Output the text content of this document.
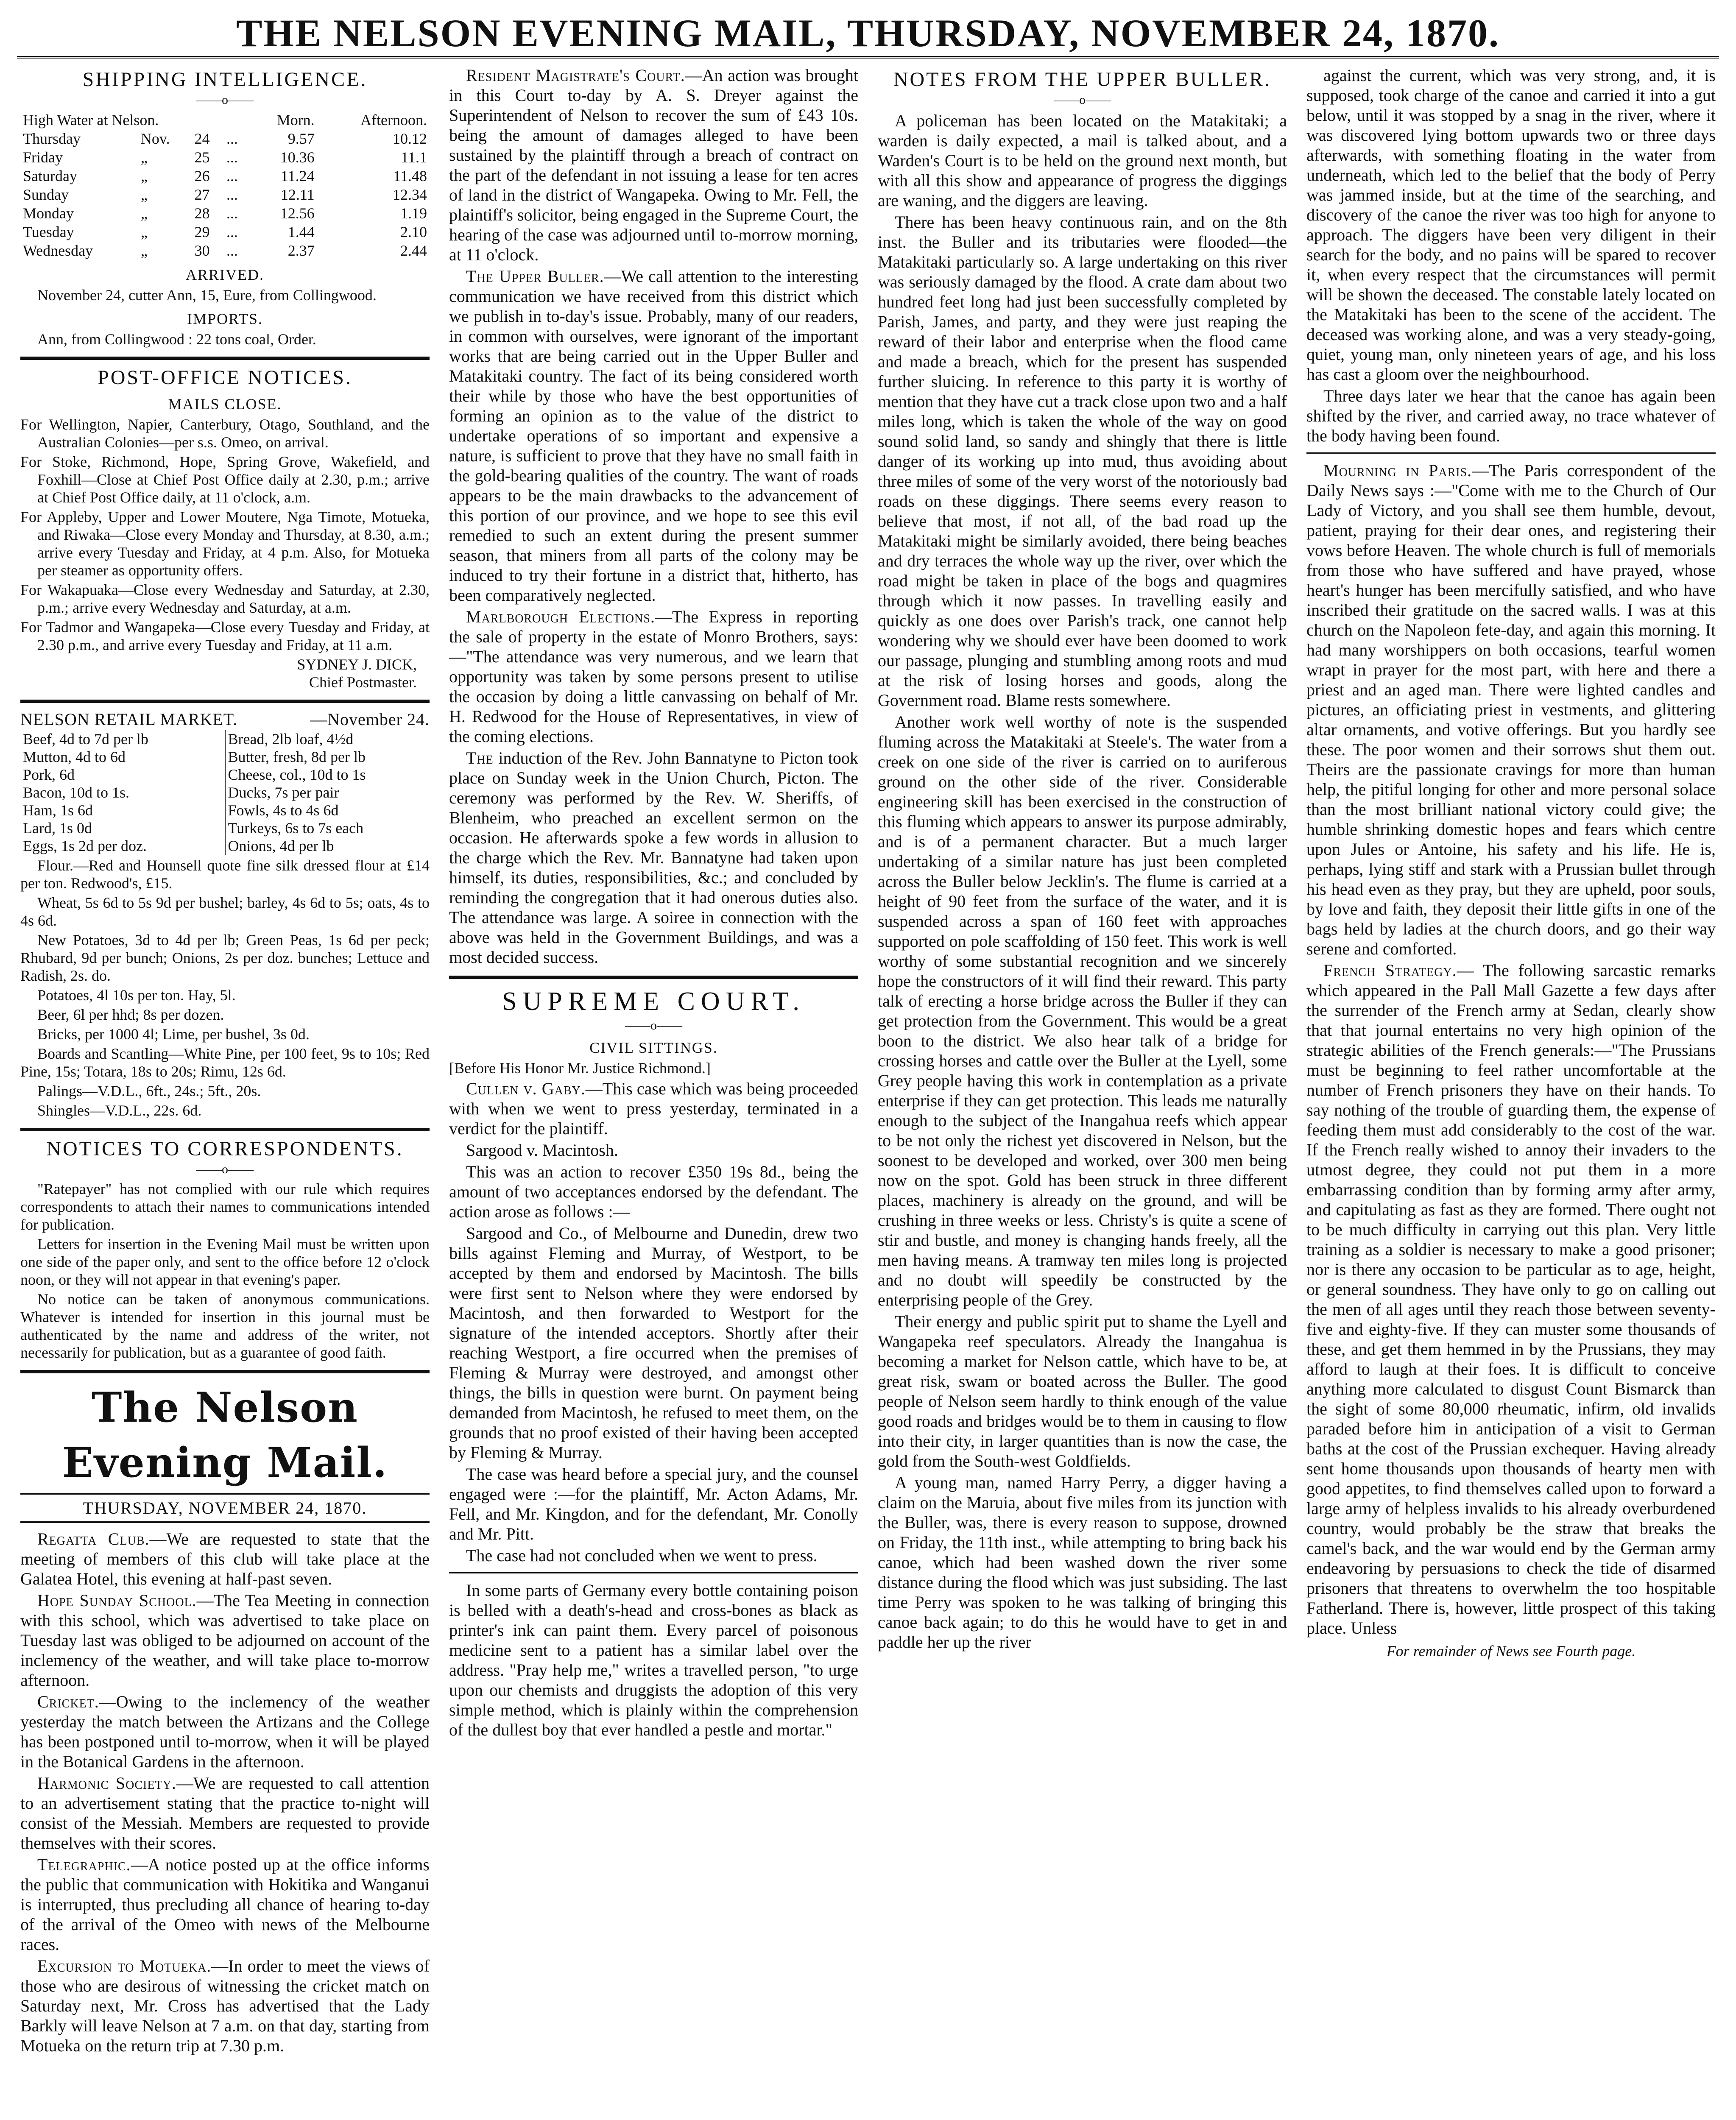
THE NELSON EVENING MAIL, THURSDAY, NOVEMBER 24, 1870.
SHIPPING INTELLIGENCE.
——o——
High Water at Nelson.				Morn.	Afternoon.
Thursday	Nov.	24	...	9.57	10.12
Friday	„	25	...	10.36	11.1
Saturday	„	26	...	11.24	11.48
Sunday	„	27	...	12.11	12.34
Monday	„	28	...	12.56	1.19
Tuesday	„	29	...	1.44	2.10
Wednesday	„	30	...	2.37	2.44
ARRIVED.

November 24, cutter Ann, 15, Eure, from Collingwood.

IMPORTS.

Ann, from Collingwood : 22 tons coal, Order.

POST-OFFICE NOTICES.
MAILS CLOSE.

For Wellington, Napier, Canterbury, Otago, Southland, and the Australian Colonies—per s.s. Omeo, on arrival.

For Stoke, Richmond, Hope, Spring Grove, Wakefield, and Foxhill—Close at Chief Post Office daily at 2.30, p.m.; arrive at Chief Post Office daily, at 11 o'clock, a.m.

For Appleby, Upper and Lower Moutere, Nga Timote, Motueka, and Riwaka—Close every Monday and Thursday, at 8.30, a.m.; arrive every Tuesday and Friday, at 4 p.m. Also, for Motueka per steamer as opportunity offers.

For Wakapuaka—Close every Wednesday and Saturday, at 2.30, p.m.; arrive every Wednesday and Saturday, at a.m.

For Tadmor and Wangapeka—Close every Tuesday and Friday, at 2.30 p.m., and arrive every Tuesday and Friday, at 11 a.m.

SYDNEY J. DICK,
Chief Postmaster.
NELSON RETAIL MARKET.	—November 24.
Beef, 4d to 7d per lb	Bread, 2lb loaf, 4½d
Mutton, 4d to 6d	Butter, fresh, 8d per lb
Pork, 6d	Cheese, col., 10d to 1s
Bacon, 10d to 1s.	Ducks, 7s per pair
Ham, 1s 6d	Fowls, 4s to 4s 6d
Lard, 1s 0d	Turkeys, 6s to 7s each
Eggs, 1s 2d per doz.	Onions, 4d per lb

Flour.—Red and Hounsell quote fine silk dressed flour at £14 per ton. Redwood's, £15.

Wheat, 5s 6d to 5s 9d per bushel; barley, 4s 6d to 5s; oats, 4s to 4s 6d.

New Potatoes, 3d to 4d per lb; Green Peas, 1s 6d per peck; Rhubard, 9d per bunch; Onions, 2s per doz. bunches; Lettuce and Radish, 2s. do.

Potatoes, 4l 10s per ton. Hay, 5l.

Beer, 6l per hhd; 8s per dozen.

Bricks, per 1000 4l; Lime, per bushel, 3s 0d.

Boards and Scantling—White Pine, per 100 feet, 9s to 10s; Red Pine, 15s; Totara, 18s to 20s; Rimu, 12s 6d.

Palings—V.D.L., 6ft., 24s.; 5ft., 20s.

Shingles—V.D.L., 22s. 6d.

NOTICES TO CORRESPONDENTS.
——o——

"Ratepayer" has not complied with our rule which requires correspondents to attach their names to communications intended for publication.

Letters for insertion in the Evening Mail must be written upon one side of the paper only, and sent to the office before 12 o'clock noon, or they will not appear in that evening's paper.

No notice can be taken of anonymous communications. Whatever is intended for insertion in this journal must be authenticated by the name and address of the writer, not necessarily for publication, but as a guarantee of good faith.

The Nelson Evening Mail.
THURSDAY, NOVEMBER 24, 1870.

Regatta Club.—We are requested to state that the meeting of members of this club will take place at the Galatea Hotel, this evening at half-past seven.

Hope Sunday School.—The Tea Meeting in connection with this school, which was advertised to take place on Tuesday last was obliged to be adjourned on account of the inclemency of the weather, and will take place to-morrow afternoon.

Cricket.—Owing to the inclemency of the weather yesterday the match between the Artizans and the College has been postponed until to-morrow, when it will be played in the Botanical Gardens in the afternoon.

Harmonic Society.—We are requested to call attention to an advertisement stating that the practice to-night will consist of the Messiah. Members are requested to provide themselves with their scores.

Telegraphic.—A notice posted up at the office informs the public that communication with Hokitika and Wanganui is interrupted, thus precluding all chance of hearing to-day of the arrival of the Omeo with news of the Melbourne races.

Excursion to Motueka.—In order to meet the views of those who are desirous of witnessing the cricket match on Saturday next, Mr. Cross has advertised that the Lady Barkly will leave Nelson at 7 a.m. on that day, starting from Motueka on the return trip at 7.30 p.m.

Resident Magistrate's Court.—An action was brought in this Court to-day by A. S. Dreyer against the Superintendent of Nelson to recover the sum of £43 10s. being the amount of damages alleged to have been sustained by the plaintiff through a breach of contract on the part of the defendant in not issuing a lease for ten acres of land in the district of Wangapeka. Owing to Mr. Fell, the plaintiff's solicitor, being engaged in the Supreme Court, the hearing of the case was adjourned until to-morrow morning, at 11 o'clock.

The Upper Buller.—We call attention to the interesting communication we have received from this district which we publish in to-day's issue. Probably, many of our readers, in common with ourselves, were ignorant of the important works that are being carried out in the Upper Buller and Matakitaki country. The fact of its being considered worth their while by those who have the best opportunities of forming an opinion as to the value of the district to undertake operations of so important and expensive a nature, is sufficient to prove that they have no small faith in the gold-bearing qualities of the country. The want of roads appears to be the main drawbacks to the advancement of this portion of our province, and we hope to see this evil remedied to such an extent during the present summer season, that miners from all parts of the colony may be induced to try their fortune in a district that, hitherto, has been comparatively neglected.

Marlborough Elections.—The Express in reporting the sale of property in the estate of Monro Brothers, says:—"The attendance was very numerous, and we learn that opportunity was taken by some persons present to utilise the occasion by doing a little canvassing on behalf of Mr. H. Redwood for the House of Representatives, in view of the coming elections.

The induction of the Rev. John Bannatyne to Picton took place on Sunday week in the Union Church, Picton. The ceremony was performed by the Rev. W. Sheriffs, of Blenheim, who preached an excellent sermon on the occasion. He afterwards spoke a few words in allusion to the charge which the Rev. Mr. Bannatyne had taken upon himself, its duties, responsibilities, &c.; and concluded by reminding the congregation that it had onerous duties also. The attendance was large. A soiree in connection with the above was held in the Government Buildings, and was a most decided success.

SUPREME COURT.
——o——
CIVIL SITTINGS.

[Before His Honor Mr. Justice Richmond.]

Cullen v. Gaby.—This case which was being proceeded with when we went to press yesterday, terminated in a verdict for the plaintiff.

Sargood v. Macintosh.

This was an action to recover £350 19s 8d., being the amount of two acceptances endorsed by the defendant. The action arose as follows :—

Sargood and Co., of Melbourne and Dunedin, drew two bills against Fleming and Murray, of Westport, to be accepted by them and endorsed by Macintosh. The bills were first sent to Nelson where they were endorsed by Macintosh, and then forwarded to Westport for the signature of the intended acceptors. Shortly after their reaching Westport, a fire occurred when the premises of Fleming & Murray were destroyed, and amongst other things, the bills in question were burnt. On payment being demanded from Macintosh, he refused to meet them, on the grounds that no proof existed of their having been accepted by Fleming & Murray.

The case was heard before a special jury, and the counsel engaged were :—for the plaintiff, Mr. Acton Adams, Mr. Fell, and Mr. Kingdon, and for the defendant, Mr. Conolly and Mr. Pitt.

The case had not concluded when we went to press.

In some parts of Germany every bottle containing poison is belled with a death's-head and cross-bones as black as printer's ink can paint them. Every parcel of poisonous medicine sent to a patient has a similar label over the address. "Pray help me," writes a travelled person, "to urge upon our chemists and druggists the adoption of this very simple method, which is plainly within the comprehension of the dullest boy that ever handled a pestle and mortar."

NOTES FROM THE UPPER BULLER.
——o——

A policeman has been located on the Matakitaki; a warden is daily expected, a mail is talked about, and a Warden's Court is to be held on the ground next month, but with all this show and appearance of progress the diggings are waning, and the diggers are leaving.

There has been heavy continuous rain, and on the 8th inst. the Buller and its tributaries were flooded—the Matakitaki particularly so. A large undertaking on this river was seriously damaged by the flood. A crate dam about two hundred feet long had just been successfully completed by Parish, James, and party, and they were just reaping the reward of their labor and enterprise when the flood came and made a breach, which for the present has suspended further sluicing. In reference to this party it is worthy of mention that they have cut a track close upon two and a half miles long, which is taken the whole of the way on good sound solid land, so sandy and shingly that there is little danger of its working up into mud, thus avoiding about three miles of some of the very worst of the notoriously bad roads on these diggings. There seems every reason to believe that most, if not all, of the bad road up the Matakitaki might be similarly avoided, there being beaches and dry terraces the whole way up the river, over which the road might be taken in place of the bogs and quagmires through which it now passes. In travelling easily and quickly as one does over Parish's track, one cannot help wondering why we should ever have been doomed to work our passage, plunging and stumbling among roots and mud at the risk of losing horses and goods, along the Government road. Blame rests somewhere.

Another work well worthy of note is the suspended fluming across the Matakitaki at Steele's. The water from a creek on one side of the river is carried on to auriferous ground on the other side of the river. Considerable engineering skill has been exercised in the construction of this fluming which appears to answer its purpose admirably, and is of a permanent character. But a much larger undertaking of a similar nature has just been completed across the Buller below Jecklin's. The flume is carried at a height of 90 feet from the surface of the water, and it is suspended across a span of 160 feet with approaches supported on pole scaffolding of 150 feet. This work is well worthy of some substantial recognition and we sincerely hope the constructors of it will find their reward. This party talk of erecting a horse bridge across the Buller if they can get protection from the Government. This would be a great boon to the district. We also hear talk of a bridge for crossing horses and cattle over the Buller at the Lyell, some Grey people having this work in contemplation as a private enterprise if they can get protection. This leads me naturally enough to the subject of the Inangahua reefs which appear to be not only the richest yet discovered in Nelson, but the soonest to be developed and worked, over 300 men being now on the spot. Gold has been struck in three different places, machinery is already on the ground, and will be crushing in three weeks or less. Christy's is quite a scene of stir and bustle, and money is changing hands freely, all the men having means. A tramway ten miles long is projected and no doubt will speedily be constructed by the enterprising people of the Grey.

Their energy and public spirit put to shame the Lyell and Wangapeka reef speculators. Already the Inangahua is becoming a market for Nelson cattle, which have to be, at great risk, swam or boated across the Buller. The good people of Nelson seem hardly to think enough of the value good roads and bridges would be to them in causing to flow into their city, in larger quantities than is now the case, the gold from the South-west Goldfields.

A young man, named Harry Perry, a digger having a claim on the Maruia, about five miles from its junction with the Buller, was, there is every reason to suppose, drowned on Friday, the 11th inst., while attempting to bring back his canoe, which had been washed down the river some distance during the flood which was just subsiding. The last time Perry was spoken to he was talking of bringing this canoe back again; to do this he would have to get in and paddle her up the river

against the current, which was very strong, and, it is supposed, took charge of the canoe and carried it into a gut below, until it was stopped by a snag in the river, where it was discovered lying bottom upwards two or three days afterwards, with something floating in the water from underneath, which led to the belief that the body of Perry was jammed inside, but at the time of the searching, and discovery of the canoe the river was too high for anyone to approach. The diggers have been very diligent in their search for the body, and no pains will be spared to recover it, when every respect that the circumstances will permit will be shown the deceased. The constable lately located on the Matakitaki has been to the scene of the accident. The deceased was working alone, and was a very steady-going, quiet, young man, only nineteen years of age, and his loss has cast a gloom over the neighbourhood.

Three days later we hear that the canoe has again been shifted by the river, and carried away, no trace whatever of the body having been found.

Mourning in Paris.—The Paris correspondent of the Daily News says :—"Come with me to the Church of Our Lady of Victory, and you shall see them humble, devout, patient, praying for their dear ones, and registering their vows before Heaven. The whole church is full of memorials from those who have suffered and have prayed, whose heart's hunger has been mercifully satisfied, and who have inscribed their gratitude on the sacred walls. I was at this church on the Napoleon fete-day, and again this morning. It had many worshippers on both occasions, tearful women wrapt in prayer for the most part, with here and there a priest and an aged man. There were lighted candles and pictures, an officiating priest in vestments, and glittering altar ornaments, and votive offerings. But you hardly see these. The poor women and their sorrows shut them out. Theirs are the passionate cravings for more than human help, the pitiful longing for other and more personal solace than the most brilliant national victory could give; the humble shrinking domestic hopes and fears which centre upon Jules or Antoine, his safety and his life. He is, perhaps, lying stiff and stark with a Prussian bullet through his head even as they pray, but they are upheld, poor souls, by love and faith, they deposit their little gifts in one of the bags held by ladies at the church doors, and go their way serene and comforted.

French Strategy.— The following sarcastic remarks which appeared in the Pall Mall Gazette a few days after the surrender of the French army at Sedan, clearly show that that journal entertains no very high opinion of the strategic abilities of the French generals:—"The Prussians must be beginning to feel rather uncomfortable at the number of French prisoners they have on their hands. To say nothing of the trouble of guarding them, the expense of feeding them must add considerably to the cost of the war. If the French really wished to annoy their invaders to the utmost degree, they could not put them in a more embarrassing condition than by forming army after army, and capitulating as fast as they are formed. There ought not to be much difficulty in carrying out this plan. Very little training as a soldier is necessary to make a good prisoner; nor is there any occasion to be particular as to age, height, or general soundness. They have only to go on calling out the men of all ages until they reach those between seventy-five and eighty-five. If they can muster some thousands of these, and get them hemmed in by the Prussians, they may afford to laugh at their foes. It is difficult to conceive anything more calculated to disgust Count Bismarck than the sight of some 80,000 rheumatic, infirm, old invalids paraded before him in anticipation of a visit to German baths at the cost of the Prussian exchequer. Having already sent home thousands upon thousands of hearty men with good appetites, to find themselves called upon to forward a large army of helpless invalids to his already overburdened country, would probably be the straw that breaks the camel's back, and the war would end by the German army endeavoring by persuasions to check the tide of disarmed prisoners that threatens to overwhelm the too hospitable Fatherland. There is, however, little prospect of this taking place. Unless

For remainder of News see Fourth page.
